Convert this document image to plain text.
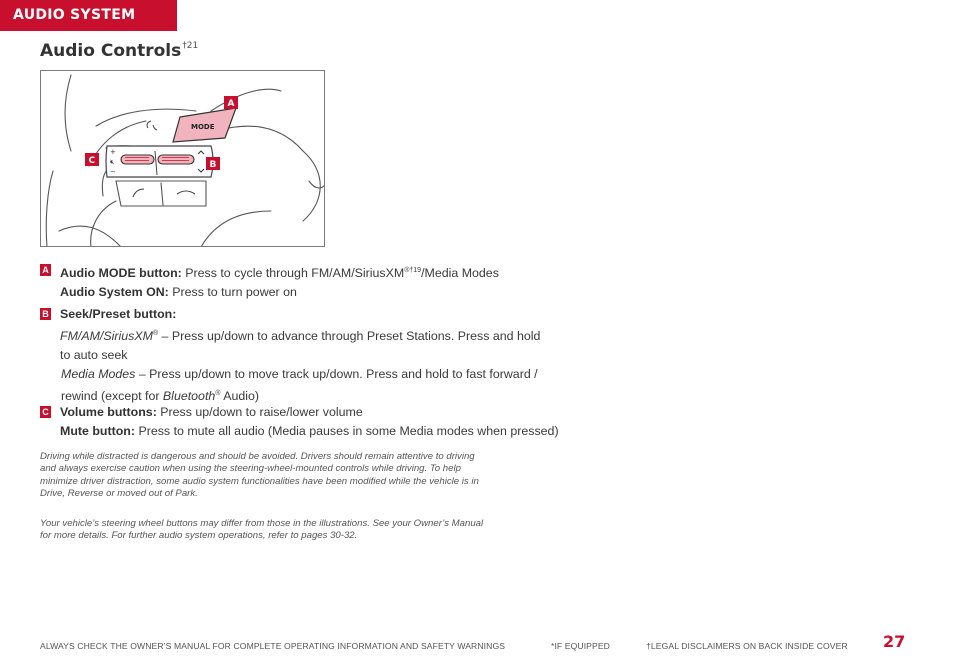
AUDIO SYSTEM
Audio Controls$^{\dagger 21}$
+
−
🔇︎
MODE
A
B
C
A Audio MODE button: Press to cycle through FM/AM/SiriusXM$^{®\dagger 19}$/Media Modes
Audio System ON: Press to turn power on
B Seek/Preset button:
FM/AM/SiriusXM® – Press up/down to advance through Preset Stations. Press and hold
to auto seek
Media Modes – Press up/down to move track up/down. Press and hold to fast forward /
rewind (except for Bluetooth® Audio)
C Volume buttons: Press up/down to raise/lower volume
Mute button: Press to mute all audio (Media pauses in some Media modes when pressed)
Driving while distracted is dangerous and should be avoided. Drivers should remain attentive to driving
and always exercise caution when using the steering-wheel-mounted controls while driving. To help
minimize driver distraction, some audio system functionalities have been modified while the vehicle is in
Drive, Reverse or moved out of Park.
Your vehicle’s steering wheel buttons may differ from those in the illustrations. See your Owner’s Manual
for more details. For further audio system operations, refer to pages 30-32.
ALWAYS CHECK THE OWNER’S MANUAL FOR COMPLETE OPERATING INFORMATION AND SAFETY WARNINGS	*IF EQUIPPED	†LEGAL DISCLAIMERS ON BACK INSIDE COVER 27
